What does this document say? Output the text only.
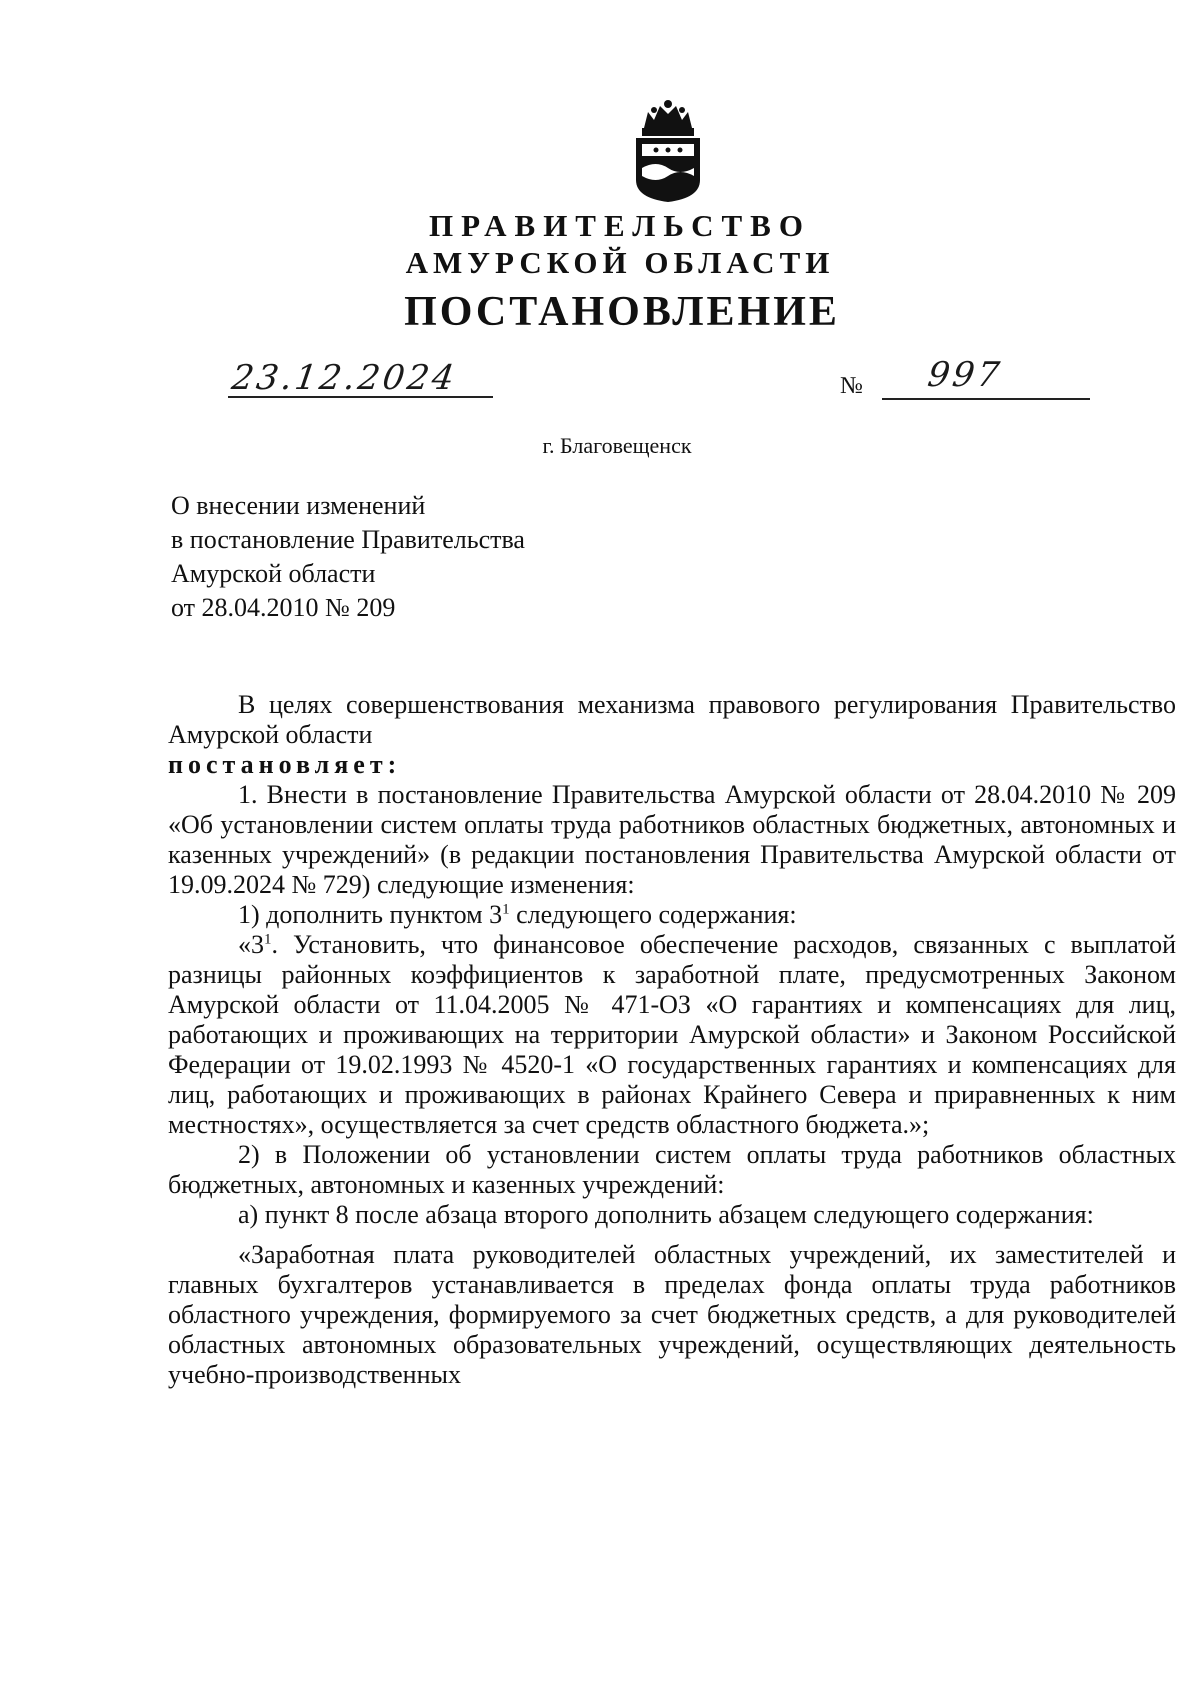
ПРАВИТЕЛЬСТВО
АМУРСКОЙ ОБЛАСТИ
ПОСТАНОВЛЕНИЕ
23.12.2024	№ 997
г. Благовещенск
О внесении изменений
в постановление Правительства
Амурской области
от 28.04.2010 № 209

В целях совершенствования механизма правового регулирования Правительство Амурской области

постановляет:

1. Внести в постановление Правительства Амурской области от 28.04.2010 № 209 «Об установлении систем оплаты труда работников областных бюджетных, автономных и казенных учреждений» (в редакции постановления Правительства Амурской области от 19.09.2024 № 729) следующие изменения:

1) дополнить пунктом $3^1$ следующего содержания:

«$3^1$. Установить, что финансовое обеспечение расходов, связанных с выплатой разницы районных коэффициентов к заработной плате, предусмотренных Законом Амурской области от 11.04.2005 № 471-ОЗ «О гарантиях и компенсациях для лиц, работающих и проживающих на территории Амурской области» и Законом Российской Федерации от 19.02.1993 № 4520-1 «О государственных гарантиях и компенсациях для лиц, работающих и проживающих в районах Крайнего Севера и приравненных к ним местностях», осуществляется за счет средств областного бюджета.»;

2) в Положении об установлении систем оплаты труда работников областных бюджетных, автономных и казенных учреждений:

а) пункт 8 после абзаца второго дополнить абзацем следующего содержания:

«Заработная плата руководителей областных учреждений, их заместителей и главных бухгалтеров устанавливается в пределах фонда оплаты труда работников областного учреждения, формируемого за счет бюджетных средств, а для руководителей областных автономных образовательных учреждений, осуществляющих деятельность учебно-производственных
